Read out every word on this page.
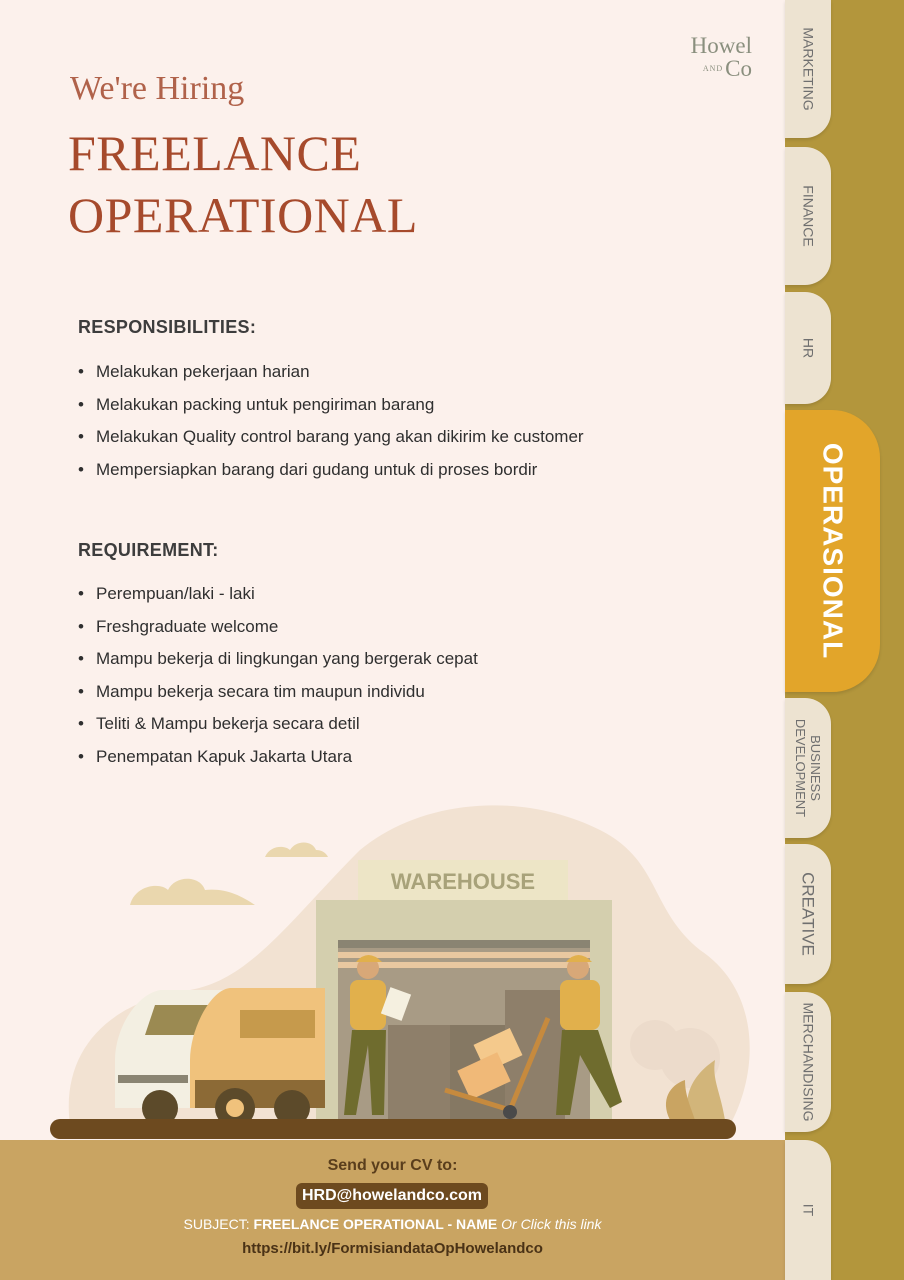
Howel
ANDCo
We're Hiring
FREELANCE
OPERATIONAL
RESPONSIBILITIES:
• Melakukan pekerjaan harian
• Melakukan packing untuk pengiriman barang
• Melakukan Quality control barang yang akan dikirim ke customer
• Mempersiapkan barang dari gudang untuk di proses bordir
REQUIREMENT:
• Perempuan/laki - laki
• Freshgraduate welcome
• Mampu bekerja di lingkungan yang bergerak cepat
• Mampu bekerja secara tim maupun individu
• Teliti & Mampu bekerja secara detil
• Penempatan Kapuk Jakarta Utara
WAREHOUSE
Send your CV to:
HRD@howelandco.com
SUBJECT: FREELANCE OPERATIONAL - NAME Or Click this link
https://bit.ly/FormisiandataOpHowelandco
MARKETING
FINANCE
HR
OPERASIONAL
BUSINESS
DEVELOPMENT
CREATIVE
MERCHANDISING
IT
